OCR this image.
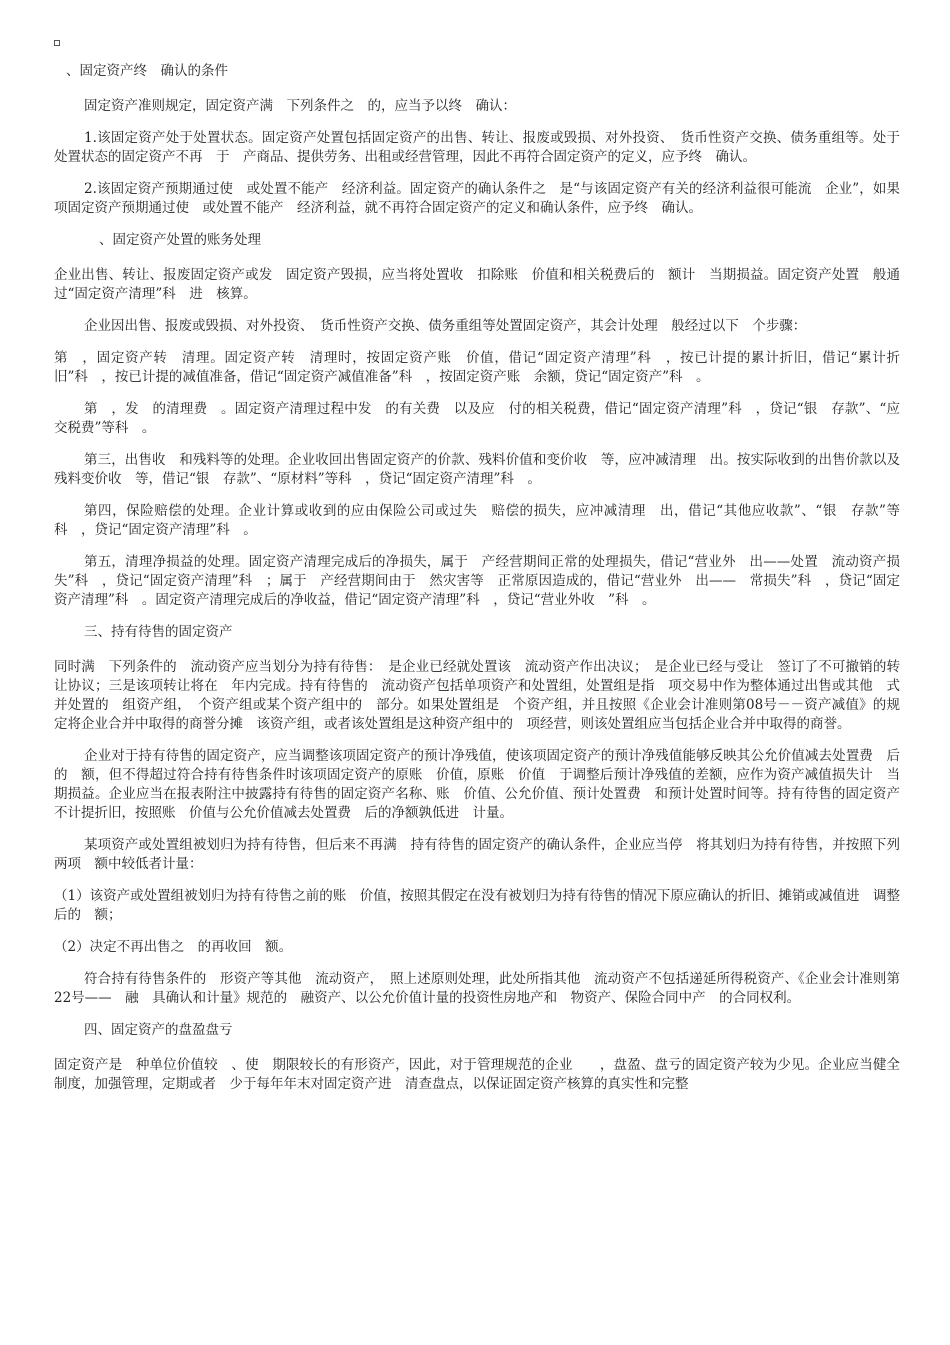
、固定资产终　确认的条件

固定资产准则规定，固定资产满　下列条件之　的，应当予以终　确认：

1.该固定资产处于处置状态。固定资产处置包括固定资产的出售、转让、报废或毁损、对外投资、　货币性资产交换、债务重组等。处于处置状态的固定资产不再　于　产商品、提供劳务、出租或经营管理，因此不再符合固定资产的定义，应予终　确认。

2.该固定资产预期通过使　或处置不能产　经济利益。固定资产的确认条件之　是“与该固定资产有关的经济利益很可能流　企业”，如果　项固定资产预期通过使　或处置不能产　经济利益，就不再符合固定资产的定义和确认条件，应予终　确认。

、固定资产处置的账务处理

企业出售、转让、报废固定资产或发　固定资产毁损，应当将处置收　扣除账　价值和相关税费后的　额计　当期损益。固定资产处置　般通过“固定资产清理”科　进　核算。

企业因出售、报废或毁损、对外投资、　货币性资产交换、债务重组等处置固定资产，其会计处理　般经过以下　个步骤：

第　，固定资产转　清理。固定资产转　清理时，按固定资产账　价值，借记“固定资产清理”科　，按已计提的累计折旧，借记“累计折旧”科　，按已计提的减值准备，借记“固定资产减值准备”科　，按固定资产账　余额，贷记“固定资产”科　。

第　，发　的清理费　。固定资产清理过程中发　的有关费　以及应　付的相关税费，借记“固定资产清理”科　，贷记“银　存款”、“应交税费”等科　。

第三，出售收　和残料等的处理。企业收回出售固定资产的价款、残料价值和变价收　等，应冲减清理　出。按实际收到的出售价款以及残料变价收　等，借记“银　存款”、“原材料”等科　，贷记“固定资产清理”科　。

第四，保险赔偿的处理。企业计算或收到的应由保险公司或过失　赔偿的损失，应冲减清理　出，借记“其他应收款”、“银　存款”等科　，贷记“固定资产清理”科　。

第五，清理净损益的处理。固定资产清理完成后的净损失，属于　产经营期间正常的处理损失，借记“营业外　出——处置　流动资产损失”科　，贷记“固定资产清理”科　；属于　产经营期间由于　然灾害等　正常原因造成的，借记“营业外　出——　常损失”科　，贷记“固定资产清理”科　。固定资产清理完成后的净收益，借记“固定资产清理”科　，贷记“营业外收　”科　。

三、持有待售的固定资产

同时满　下列条件的　流动资产应当划分为持有待售：　是企业已经就处置该　流动资产作出决议；　是企业已经与受让　签订了不可撤销的转让协议；三是该项转让将在　年内完成。持有待售的　流动资产包括单项资产和处置组，处置组是指　项交易中作为整体通过出售或其他　式　并处置的　组资产组，　个资产组或某个资产组中的　部分。如果处置组是　个资产组，并且按照《企业会计准则第08号－－资产减值》的规定将企业合并中取得的商誉分摊　该资产组，或者该处置组是这种资产组中的　项经营，则该处置组应当包括企业合并中取得的商誉。

企业对于持有待售的固定资产，应当调整该项固定资产的预计净残值，使该项固定资产的预计净残值能够反映其公允价值减去处置费　后的　额，但不得超过符合持有待售条件时该项固定资产的原账　价值，原账　价值　于调整后预计净残值的差额，应作为资产减值损失计　当期损益。企业应当在报表附注中披露持有待售的固定资产名称、账　价值、公允价值、预计处置费　和预计处置时间等。持有待售的固定资产不计提折旧，按照账　价值与公允价值减去处置费　后的净额孰低进　计量。

某项资产或处置组被划归为持有待售，但后来不再满　持有待售的固定资产的确认条件，企业应当停　将其划归为持有待售，并按照下列两项　额中较低者计量：

（1）该资产或处置组被划归为持有待售之前的账　价值，按照其假定在没有被划归为持有待售的情况下原应确认的折旧、摊销或减值进　调整后的　额；

（2）决定不再出售之　的再收回　额。

符合持有待售条件的　形资产等其他　流动资产，　照上述原则处理，此处所指其他　流动资产不包括递延所得税资产、《企业会计准则第22号——　融　具确认和计量》规范的　融资产、以公允价值计量的投资性房地产和　物资产、保险合同中产　的合同权利。

四、固定资产的盘盈盘亏

固定资产是　种单位价值较　、使　期限较长的有形资产，因此，对于管理规范的企业　　，盘盈、盘亏的固定资产较为少见。企业应当健全制度，加强管理，定期或者　少于每年年末对固定资产进　清查盘点，以保证固定资产核算的真实性和完整
